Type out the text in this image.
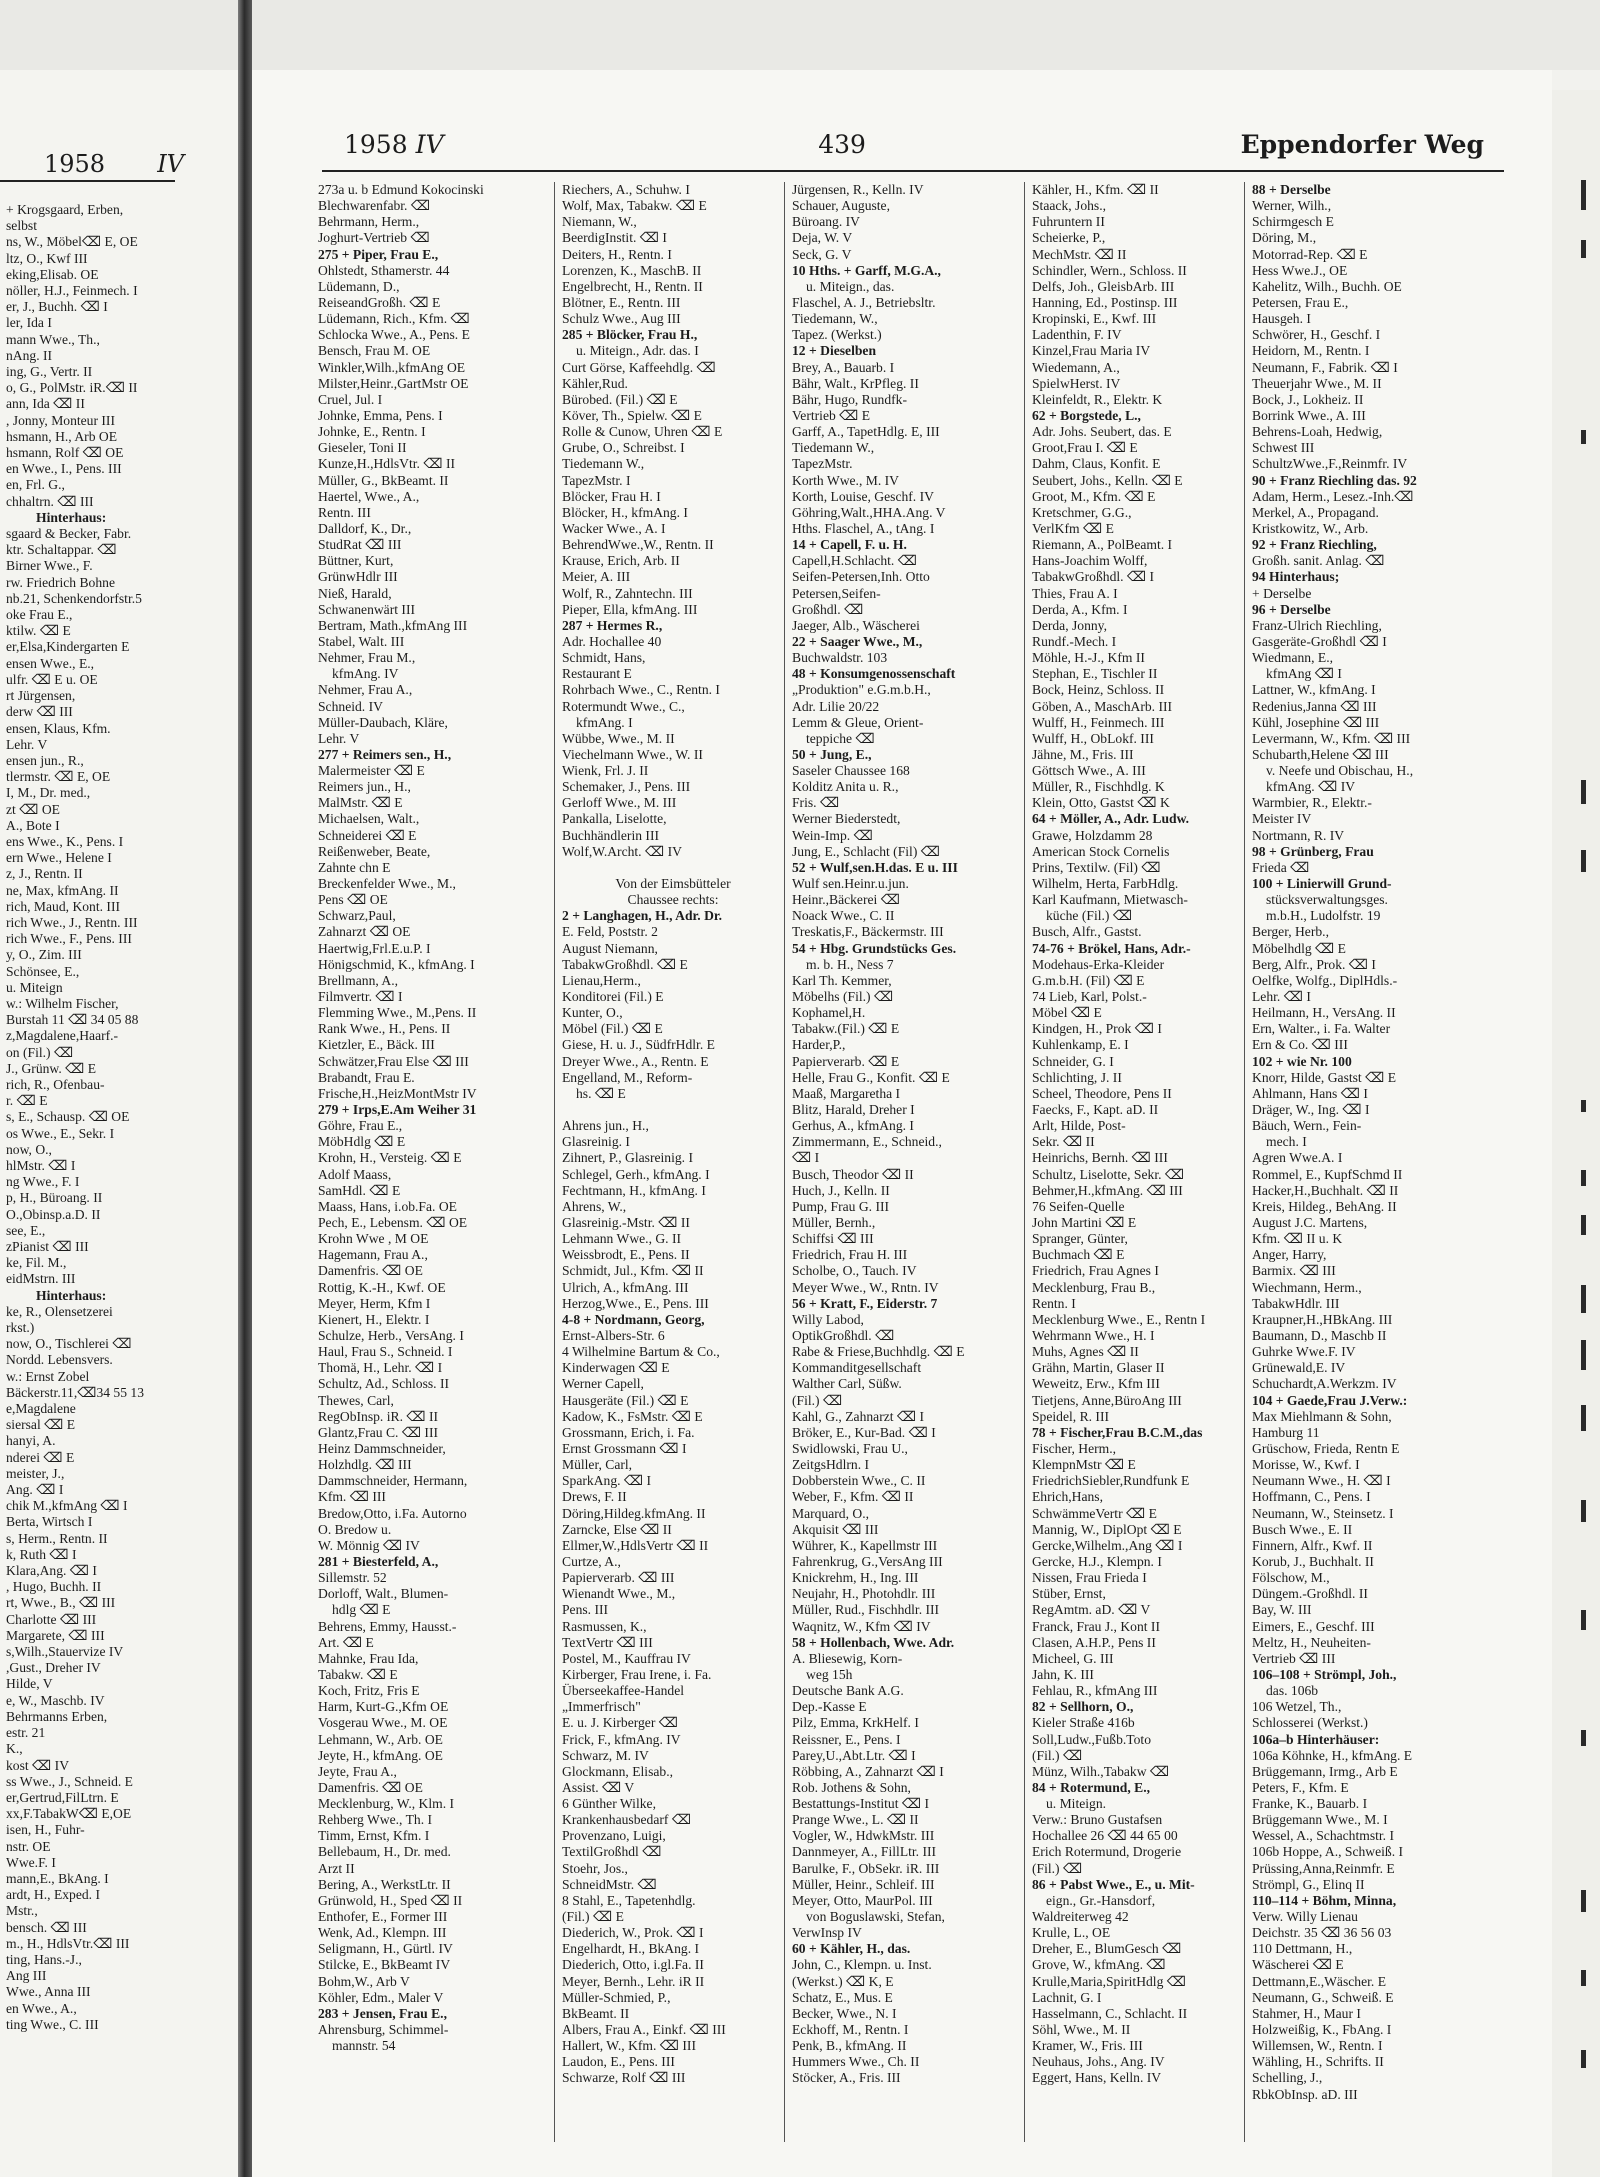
1958 IV
+ Krogsgaard, Erben,
selbst
ns, W., Möbel⌫ E, OE
ltz, O., Kwf III
eking,Elisab. OE
nöller, H.J., Feinmech. I
er, J., Buchh. ⌫ I
ler, Ida I
mann Wwe., Th.,
nAng. II
ing, G., Vertr. II
o, G., PolMstr. iR.⌫ II
ann, Ida ⌫ II
, Jonny, Monteur III
hsmann, H., Arb OE
hsmann, Rolf ⌫ OE
en Wwe., I., Pens. III
en, Frl. G.,
chhaltrn. ⌫ III
Hinterhaus:
sgaard & Becker, Fabr.
ktr. Schaltappar. ⌫
Birner Wwe., F.
rw. Friedrich Bohne
nb.21, Schenkendorfstr.5
oke Frau E.,
ktilw. ⌫ E
er,Elsa,Kindergarten E
ensen Wwe., E.,
ulfr. ⌫ E u. OE
rt Jürgensen,
derw ⌫ III
ensen, Klaus, Kfm.
Lehr. V
ensen jun., R.,
tlermstr. ⌫ E, OE
I, M., Dr. med.,
zt ⌫ OE
A., Bote I
ens Wwe., K., Pens. I
ern Wwe., Helene I
z, J., Rentn. II
ne, Max, kfmAng. II
rich, Maud, Kont. III
rich Wwe., J., Rentn. III
rich Wwe., F., Pens. III
y, O., Zim. III
Schönsee, E.,
u. Miteign
w.: Wilhelm Fischer,
Burstah 11 ⌫ 34 05 88
z,Magdalene,Haarf.-
on (Fil.) ⌫
J., Grünw. ⌫ E
rich, R., Ofenbau-
r. ⌫ E
s, E., Schausp. ⌫ OE
os Wwe., E., Sekr. I
now, O.,
hlMstr. ⌫ I
ng Wwe., F. I
p, H., Büroang. II
O.,Obinsp.a.D. II
see, E.,
zPianist ⌫ III
ke, Fil. M.,
eidMstrn. III
Hinterhaus:
ke, R., Olensetzerei
rkst.)
now, O., Tischlerei ⌫
Nordd. Lebensvers.
w.: Ernst Zobel
Bäckerstr.11,⌫34 55 13
e,Magdalene
siersal ⌫ E
hanyi, A.
nderei ⌫ E
meister, J.,
Ang. ⌫ I
chik M.,kfmAng ⌫ I
Berta, Wirtsch I
s, Herm., Rentn. II
k, Ruth ⌫ I
Klara,Ang. ⌫ I
, Hugo, Buchh. II
rt, Wwe., B., ⌫ III
Charlotte ⌫ III
Margarete, ⌫ III
s,Wilh.,Stauervize IV
,Gust., Dreher IV
Hilde, V
e, W., Maschb. IV
Behrmanns Erben,
estr. 21
K.,
kost ⌫ IV
ss Wwe., J., Schneid. E
er,Gertrud,FilLtrn. E
xx,F.TabakW⌫ E,OE
isen, H., Fuhr-
nstr. OE
Wwe.F. I
mann,E., BkAng. I
ardt, H., Exped. I
Mstr.,
bensch. ⌫ III
m., H., HdlsVtr.⌫ III
ting, Hans.-J.,
Ang III
Wwe., Anna III
en Wwe., A.,
ting Wwe., C. III
1958 IV	439	Eppendorfer Weg
273a u. b Edmund Kokocinski
Blechwarenfabr. ⌫
Behrmann, Herm.,
Joghurt-Vertrieb ⌫
275 + Piper, Frau E.,
Ohlstedt, Sthamerstr. 44
Lüdemann, D.,
ReiseandGroßh. ⌫ E
Lüdemann, Rich., Kfm. ⌫
Schlocka Wwe., A., Pens. E
Bensch, Frau M. OE
Winkler,Wilh.,kfmAng OE
Milster,Heinr.,GartMstr OE
Cruel, Jul. I
Johnke, Emma, Pens. I
Johnke, E., Rentn. I
Gieseler, Toni II
Kunze,H.,HdlsVtr. ⌫ II
Müller, G., BkBeamt. II
Haertel, Wwe., A.,
Rentn. III
Dalldorf, K., Dr.,
StudRat ⌫ III
Büttner, Kurt,
GrünwHdlr III
Nieß, Harald,
Schwanenwärt III
Bertram, Math.,kfmAng III
Stabel, Walt. III
Nehmer, Frau M.,
kfmAng. IV
Nehmer, Frau A.,
Schneid. IV
Müller-Daubach, Kläre,
Lehr. V
277 + Reimers sen., H.,
Malermeister ⌫ E
Reimers jun., H.,
MalMstr. ⌫ E
Michaelsen, Walt.,
Schneiderei ⌫ E
Reißenweber, Beate,
Zahnte chn E
Breckenfelder Wwe., M.,
Pens ⌫ OE
Schwarz,Paul,
Zahnarzt ⌫ OE
Haertwig,Frl.E.u.P. I
Hönigschmid, K., kfmAng. I
Brellmann, A.,
Filmvertr. ⌫ I
Flemming Wwe., M.,Pens. II
Rank Wwe., H., Pens. II
Kietzler, E., Bäck. III
Schwätzer,Frau Else ⌫ III
Brabandt, Frau E.
Frische,H.,HeizMontMstr IV
279 + Irps,E.Am Weiher 31
Göhre, Frau E.,
MöbHdlg ⌫ E
Krohn, H., Versteig. ⌫ E
Adolf Maass,
SamHdl. ⌫ E
Maass, Hans, i.ob.Fa. OE
Pech, E., Lebensm. ⌫ OE
Krohn Wwe , M OE
Hagemann, Frau A.,
Damenfris. ⌫ OE
Rottig, K.-H., Kwf. OE
Meyer, Herm, Kfm I
Kienert, H., Elektr. I
Schulze, Herb., VersAng. I
Haul, Frau S., Schneid. I
Thomä, H., Lehr. ⌫ I
Schultz, Ad., Schloss. II
Thewes, Carl,
RegObInsp. iR. ⌫ II
Glantz,Frau C. ⌫ III
Heinz Dammschneider,
Holzhdlg. ⌫ III
Dammschneider, Hermann,
Kfm. ⌫ III
Bredow,Otto, i.Fa. Autorno
O. Bredow u.
W. Mönnig ⌫ IV
281 + Biesterfeld, A.,
Sillemstr. 52
Dorloff, Walt., Blumen-
hdlg ⌫ E
Behrens, Emmy, Hausst.-
Art. ⌫ E
Mahnke, Frau Ida,
Tabakw. ⌫ E
Koch, Fritz, Fris E
Harm, Kurt-G.,Kfm OE
Vosgerau Wwe., M. OE
Lehmann, W., Arb. OE
Jeyte, H., kfmAng. OE
Jeyte, Frau A.,
Damenfris. ⌫ OE
Mecklenburg, W., Klm. I
Rehberg Wwe., Th. I
Timm, Ernst, Kfm. I
Bellebaum, H., Dr. med.
Arzt II
Bering, A., WerkstLtr. II
Grünwold, H., Sped ⌫ II
Enthofer, E., Former III
Wenk, Ad., Klempn. III
Seligmann, H., Gürtl. IV
Stilcke, E., BkBeamt IV
Bohm,W., Arb V
Köhler, Edm., Maler V
283 + Jensen, Frau E.,
Ahrensburg, Schimmel-
mannstr. 54
Riechers, A., Schuhw. I
Wolf, Max, Tabakw. ⌫ E
Niemann, W.,
BeerdigInstit. ⌫ I
Deiters, H., Rentn. I
Lorenzen, K., MaschB. II
Engelbrecht, H., Rentn. II
Blötner, E., Rentn. III
Schulz Wwe., Aug III
285 + Blöcker, Frau H.,
u. Miteign., Adr. das. I
Curt Görse, Kaffeehdlg. ⌫
Kähler,Rud.
Bürobed. (Fil.) ⌫ E
Köver, Th., Spielw. ⌫ E
Rolle & Cunow, Uhren ⌫ E
Grube, O., Schreibst. I
Tiedemann W.,
TapezMstr. I
Blöcker, Frau H. I
Blöcker, H., kfmAng. I
Wacker Wwe., A. I
BehrendWwe.,W., Rentn. II
Krause, Erich, Arb. II
Meier, A. III
Wolf, R., Zahntechn. III
Pieper, Ella, kfmAng. III
287 + Hermes R.,
Adr. Hochallee 40
Schmidt, Hans,
Restaurant E
Rohrbach Wwe., C., Rentn. I
Rotermundt Wwe., C.,
kfmAng. I
Wübbe, Wwe., M. II
Viechelmann Wwe., W. II
Wienk, Frl. J. II
Schemaker, J., Pens. III
Gerloff Wwe., M. III
Pankalla, Liselotte,
Buchhändlerin III
Wolf,W.Archt. ⌫ IV
Von der Eimsbütteler
Chaussee rechts:
2 + Langhagen, H., Adr. Dr.
E. Feld, Poststr. 2
August Niemann,
TabakwGroßhdl. ⌫ E
Lienau,Herm.,
Konditorei (Fil.) E
Kunter, O.,
Möbel (Fil.) ⌫ E
Giese, H. u. J., SüdfrHdlr. E
Dreyer Wwe., A., Rentn. E
Engelland, M., Reform-
hs. ⌫ E
Ahrens jun., H.,
Glasreinig. I
Zihnert, P., Glasreinig. I
Schlegel, Gerh., kfmAng. I
Fechtmann, H., kfmAng. I
Ahrens, W.,
Glasreinig.-Mstr. ⌫ II
Lehmann Wwe., G. II
Weissbrodt, E., Pens. II
Schmidt, Jul., Kfm. ⌫ II
Ulrich, A., kfmAng. III
Herzog,Wwe., E., Pens. III
4-8 + Nordmann, Georg,
Ernst-Albers-Str. 6
4 Wilhelmine Bartum & Co.,
Kinderwagen ⌫ E
Werner Capell,
Hausgeräte (Fil.) ⌫ E
Kadow, K., FsMstr. ⌫ E
Grossmann, Erich, i. Fa.
Ernst Grossmann ⌫ I
Müller, Carl,
SparkAng. ⌫ I
Drews, F. II
Döring,Hildeg.kfmAng. II
Zarncke, Else ⌫ II
Ellmer,W.,HdlsVertr ⌫ II
Curtze, A.,
Papierverarb. ⌫ III
Wienandt Wwe., M.,
Pens. III
Rasmussen, K.,
TextVertr ⌫ III
Postel, M., Kauffrau IV
Kirberger, Frau Irene, i. Fa.
Überseekaffee-Handel
„Immerfrisch"
E. u. J. Kirberger ⌫
Frick, F., kfmAng. IV
Schwarz, M. IV
Glockmann, Elisab.,
Assist. ⌫ V
6 Günther Wilke,
Krankenhausbedarf ⌫
Provenzano, Luigi,
TextilGroßhdl ⌫
Stoehr, Jos.,
SchneidMstr. ⌫
8 Stahl, E., Tapetenhdlg.
(Fil.) ⌫ E
Diederich, W., Prok. ⌫ I
Engelhardt, H., BkAng. I
Diederich, Otto, i.gl.Fa. II
Meyer, Bernh., Lehr. iR II
Müller-Schmied, P.,
BkBeamt. II
Albers, Frau A., Einkf. ⌫ III
Hallert, W., Kfm. ⌫ III
Laudon, E., Pens. III
Schwarze, Rolf ⌫ III
Jürgensen, R., Kelln. IV
Schauer, Auguste,
Büroang. IV
Deja, W. V
Seck, G. V
10 Hths. + Garff, M.G.A.,
u. Miteign., das.
Flaschel, A. J., Betriebsltr.
Tiedemann, W.,
Tapez. (Werkst.)
12 + Dieselben
Brey, A., Bauarb. I
Bähr, Walt., KrPfleg. II
Bähr, Hugo, Rundfk-
Vertrieb ⌫ E
Garff, A., TapetHdlg. E, III
Tiedemann W.,
TapezMstr.
Korth Wwe., M. IV
Korth, Louise, Geschf. IV
Göhring,Walt.,HHA.Ang. V
Hths. Flaschel, A., tAng. I
14 + Capell, F. u. H.
Capell,H.Schlacht. ⌫
Seifen-Petersen,Inh. Otto
Petersen,Seifen-
Großhdl. ⌫
Jaeger, Alb., Wäscherei
22 + Saager Wwe., M.,
Buchwaldstr. 103
48 + Konsumgenossenschaft
„Produktion" e.G.m.b.H.,
Adr. Lilie 20/22
Lemm & Gleue, Orient-
teppiche ⌫
50 + Jung, E.,
Saseler Chaussee 168
Kolditz Anita u. R.,
Fris. ⌫
Werner Biederstedt,
Wein-Imp. ⌫
Jung, E., Schlacht (Fil) ⌫
52 + Wulf,sen.H.das. E u. III
Wulf sen.Heinr.u.jun.
Heinr.,Bäckerei ⌫
Noack Wwe., C. II
Treskatis,F., Bäckermstr. III
54 + Hbg. Grundstücks Ges.
m. b. H., Ness 7
Karl Th. Kemmer,
Möbelhs (Fil.) ⌫
Kophamel,H.
Tabakw.(Fil.) ⌫ E
Harder,P.,
Papierverarb. ⌫ E
Helle, Frau G., Konfit. ⌫ E
Maaß, Margaretha I
Blitz, Harald, Dreher I
Gerhus, A., kfmAng. I
Zimmermann, E., Schneid.,
⌫ I
Busch, Theodor ⌫ II
Huch, J., Kelln. II
Pump, Frau G. III
Müller, Bernh.,
Schiffsi ⌫ III
Friedrich, Frau H. III
Scholbe, O., Tauch. IV
Meyer Wwe., W., Rntn. IV
56 + Kratt, F., Eiderstr. 7
Willy Labod,
OptikGroßhdl. ⌫
Rabe & Friese,Buchhdlg. ⌫ E
Kommanditgesellschaft
Walther Carl, Süßw.
(Fil.) ⌫
Kahl, G., Zahnarzt ⌫ I
Bröker, E., Kur-Bad. ⌫ I
Swidlowski, Frau U.,
ZeitgsHdlrn. I
Dobberstein Wwe., C. II
Weber, F., Kfm. ⌫ II
Marquard, O.,
Akquisit ⌫ III
Wührer, K., Kapellmstr III
Fahrenkrug, G.,VersAng III
Knickrehm, H., Ing. III
Neujahr, H., Photohdlr. III
Müller, Rud., Fischhdlr. III
Waqnitz, W., Kfm ⌫ IV
58 + Hollenbach, Wwe. Adr.
A. Bliesewig, Korn-
weg 15h
Deutsche Bank A.G.
Dep.-Kasse E
Pilz, Emma, KrkHelf. I
Reissner, E., Pens. I
Parey,U.,Abt.Ltr. ⌫ I
Röbbing, A., Zahnarzt ⌫ I
Rob. Jothens & Sohn,
Bestattungs-Institut ⌫ I
Prange Wwe., L. ⌫ II
Vogler, W., HdwkMstr. III
Dannmeyer, A., FillLtr. III
Barulke, F., ObSekr. iR. III
Müller, Heinr., Schleif. III
Meyer, Otto, MaurPol. III
von Boguslawski, Stefan,
VerwInsp IV
60 + Kähler, H., das.
John, C., Klempn. u. Inst.
(Werkst.) ⌫ K, E
Schatz, E., Mus. E
Becker, Wwe., N. I
Eckhoff, M., Rentn. I
Penk, B., kfmAng. II
Hummers Wwe., Ch. II
Stöcker, A., Fris. III
Kähler, H., Kfm. ⌫ II
Staack, Johs.,
Fuhruntern II
Scheierke, P.,
MechMstr. ⌫ II
Schindler, Wern., Schloss. II
Delfs, Joh., GleisbArb. III
Hanning, Ed., Postinsp. III
Kropinski, E., Kwf. III
Ladenthin, F. IV
Kinzel,Frau Maria IV
Wiedemann, A.,
SpielwHerst. IV
Kleinfeldt, R., Elektr. K
62 + Borgstede, L.,
Adr. Johs. Seubert, das. E
Groot,Frau I. ⌫ E
Dahm, Claus, Konfit. E
Seubert, Johs., Kelln. ⌫ E
Groot, M., Kfm. ⌫ E
Kretschmer, G.G.,
VerlKfm ⌫ E
Riemann, A., PolBeamt. I
Hans-Joachim Wolff,
TabakwGroßhdl. ⌫ I
Thies, Frau A. I
Derda, A., Kfm. I
Derda, Jonny,
Rundf.-Mech. I
Möhle, H.-J., Kfm II
Stephan, E., Tischler II
Bock, Heinz, Schloss. II
Göben, A., MaschArb. III
Wulff, H., Feinmech. III
Wulff, H., ObLokf. III
Jähne, M., Fris. III
Göttsch Wwe., A. III
Müller, R., Fischhdlg. K
Klein, Otto, Gastst ⌫ K
64 + Möller, A., Adr. Ludw.
Grawe, Holzdamm 28
American Stock Cornelis
Prins, Textilw. (Fil) ⌫
Wilhelm, Herta, FarbHdlg.
Karl Kaufmann, Mietwasch-
küche (Fil.) ⌫
Busch, Alfr., Gastst.
74-76 + Brökel, Hans, Adr.-
Modehaus-Erka-Kleider
G.m.b.H. (Fil) ⌫ E
74 Lieb, Karl, Polst.-
Möbel ⌫ E
Kindgen, H., Prok ⌫ I
Kuhlenkamp, E. I
Schneider, G. I
Schlichting, J. II
Scheel, Theodore, Pens II
Faecks, F., Kapt. aD. II
Arlt, Hilde, Post-
Sekr. ⌫ II
Heinrichs, Bernh. ⌫ III
Schultz, Liselotte, Sekr. ⌫
Behmer,H.,kfmAng. ⌫ III
76 Seifen-Quelle
John Martini ⌫ E
Spranger, Günter,
Buchmach ⌫ E
Friedrich, Frau Agnes I
Mecklenburg, Frau B.,
Rentn. I
Mecklenburg Wwe., E., Rentn I
Wehrmann Wwe., H. I
Muhs, Agnes ⌫ II
Grähn, Martin, Glaser II
Weweitz, Erw., Kfm III
Tietjens, Anne,BüroAng III
Speidel, R. III
78 + Fischer,Frau B.C.M.,das
Fischer, Herm.,
KlempnMstr ⌫ E
FriedrichSiebler,Rundfunk E
Ehrich,Hans,
SchwämmeVertr ⌫ E
Mannig, W., DiplOpt ⌫ E
Gercke,Wilhelm.,Ang ⌫ I
Gercke, H.J., Klempn. I
Nissen, Frau Frieda I
Stüber, Ernst,
RegAmtm. aD. ⌫ V
Franck, Frau J., Kont II
Clasen, A.H.P., Pens II
Micheel, G. III
Jahn, K. III
Fehlau, R., kfmAng III
82 + Sellhorn, O.,
Kieler Straße 416b
Soll,Ludw.,Fußb.Toto
(Fil.) ⌫
Münz, Wilh.,Tabakw ⌫
84 + Rotermund, E.,
u. Miteign.
Verw.: Bruno Gustafsen
Hochallee 26 ⌫ 44 65 00
Erich Rotermund, Drogerie
(Fil.) ⌫
86 + Pabst Wwe., E., u. Mit-
eign., Gr.-Hansdorf,
Waldreiterweg 42
Krulle, L., OE
Dreher, E., BlumGesch ⌫
Grove, W., kfmAng. ⌫
Krulle,Maria,SpiritHdlg ⌫
Lachnit, G. I
Hasselmann, C., Schlacht. II
Söhl, Wwe., M. II
Kramer, W., Fris. III
Neuhaus, Johs., Ang. IV
Eggert, Hans, Kelln. IV
88 + Derselbe
Werner, Wilh.,
Schirmgesch E
Döring, M.,
Motorrad-Rep. ⌫ E
Hess Wwe.J., OE
Kahelitz, Wilh., Buchh. OE
Petersen, Frau E.,
Hausgeh. I
Schwörer, H., Geschf. I
Heidorn, M., Rentn. I
Neumann, F., Fabrik. ⌫ I
Theuerjahr Wwe., M. II
Bock, J., Lokheiz. II
Borrink Wwe., A. III
Behrens-Loah, Hedwig,
Schwest III
SchultzWwe.,F.,Reinmfr. IV
90 + Franz Riechling das. 92
Adam, Herm., Lesez.-Inh.⌫
Merkel, A., Propagand.
Kristkowitz, W., Arb.
92 + Franz Riechling,
Großh. sanit. Anlag. ⌫
94 Hinterhaus;
+ Derselbe
96 + Derselbe
Franz-Ulrich Riechling,
Gasgeräte-Großhdl ⌫ I
Wiedmann, E.,
kfmAng ⌫ I
Lattner, W., kfmAng. I
Redenius,Janna ⌫ III
Kühl, Josephine ⌫ III
Levermann, W., Kfm. ⌫ III
Schubarth,Helene ⌫ III
v. Neefe und Obischau, H.,
kfmAng. ⌫ IV
Warmbier, R., Elektr.-
Meister IV
Nortmann, R. IV
98 + Grünberg, Frau
Frieda ⌫
100 + Linierwill Grund-
stücksverwaltungsges.
m.b.H., Ludolfstr. 19
Berger, Herb.,
Möbelhdlg ⌫ E
Berg, Alfr., Prok. ⌫ I
Oelfke, Wolfg., DiplHdls.-
Lehr. ⌫ I
Heilmann, H., VersAng. II
Ern, Walter., i. Fa. Walter
Ern & Co. ⌫ III
102 + wie Nr. 100
Knorr, Hilde, Gastst ⌫ E
Ahlmann, Hans ⌫ I
Dräger, W., Ing. ⌫ I
Bäuch, Wern., Fein-
mech. I
Agren Wwe.A. I
Rommel, E., KupfSchmd II
Hacker,H.,Buchhalt. ⌫ II
Kreis, Hildeg., BehAng. II
August J.C. Martens,
Kfm. ⌫ II u. K
Anger, Harry,
Barmix. ⌫ III
Wiechmann, Herm.,
TabakwHdlr. III
Kraupner,H.,HBkAng. III
Baumann, D., Maschb II
Guhrke Wwe.F. IV
Grünewald,E. IV
Schuchardt,A.Werkzm. IV
104 + Gaede,Frau J.Verw.:
Max Miehlmann & Sohn,
Hamburg 11
Grüschow, Frieda, Rentn E
Morisse, W., Kwf. I
Neumann Wwe., H. ⌫ I
Hoffmann, C., Pens. I
Neumann, W., Steinsetz. I
Busch Wwe., E. II
Finnern, Alfr., Kwf. II
Korub, J., Buchhalt. II
Fölschow, M.,
Düngem.-Großhdl. II
Bay, W. III
Eimers, E., Geschf. III
Meltz, H., Neuheiten-
Vertrieb ⌫ III
106–108 + Strömpl, Joh.,
das. 106b
106 Wetzel, Th.,
Schlosserei (Werkst.)
106a–b Hinterhäuser:
106a Köhnke, H., kfmAng. E
Brüggemann, Irmg., Arb E
Peters, F., Kfm. E
Franke, K., Bauarb. I
Brüggemann Wwe., M. I
Wessel, A., Schachtmstr. I
106b Hoppe, A., Schweiß. I
Prüssing,Anna,Reinmfr. E
Strömpl, G., Elinq II
110–114 + Böhm, Minna,
Verw. Willy Lienau
Deichstr. 35 ⌫ 36 56 03
110 Dettmann, H.,
Wäscherei ⌫ E
Dettmann,E.,Wäscher. E
Neumann, G., Schweiß. E
Stahmer, H., Maur I
Holzweißig, K., FbAng. I
Willemsen, W., Rentn. I
Wähling, H., Schrifts. II
Schelling, J.,
RbkObInsp. aD. III
